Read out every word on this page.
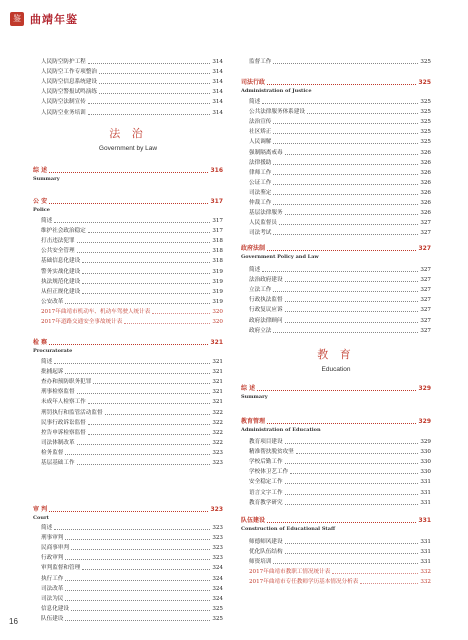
鉴 曲靖年鉴
人民防空防护工程	314
人民防空工作专项整治	314
人民防空信息系统建设	314
人民防空警报试鸣演练	314
人民防空法制宣传	314
人民防空业务培训	314
法 治
Government by Law
综 述	316
Summary
公 安	317
Police
简述	317
维护社会政治稳定	317
打击违法犯罪	318
公共安全管理	318
基础信息化建设	318
警务实战化建设	319
执法规范化建设	319
从但正规化建设	319
公安改革	319
2017年曲靖市机动车、机动车驾驶人统计表	320
2017年道路交通安全事故统计表	320
检 察	321
Procuratorate
简述	321
批捕起诉	321
查办和预防职务犯罪	321
刑事检察监督	321
未成年人检察工作	321
刑罚执行和监管活动监督	322
民事行政诉讼监督	322
控告申诉检察监督	322
司法体制改革	322
检务监督	323
基层基础工作	323
审 判	323
Court
简述	323
刑事审判	323
民商事审判	323
行政审判	323
审判监督和管理	324
执行工作	324
司法改革	324
司法为民	324
信息化建设	325
队伍建设	325
监督工作	325
司法行政	325
Administration of Justice
简述	325
公共法律服务体系建设	325
法治宣传	325
社区矫正	325
人民调解	325
强制隔离戒毒	326
法律援助	326
律师工作	326
公证工作	326
司法鉴定	326
仲裁工作	326
基层法律服务	326
人民监督员	327
司法考试	327
政府法制	327
Government Policy and Law
简述	327
法治政府建设	327
立法工作	327
行政执法监督	327
行政复议应诉	327
政府法律顾问	327
政府立法	327
教 育
Education
综 述	329
Summary
教育管理	329
Administration of Education
教育项目建设	329
精准帮扶脱贫攻坚	330
学校后勤工作	330
学校体卫艺工作	330
安全稳定工作	331
语言文字工作	331
教育教学研究	331
队伍建设	331
Construction of Educational Staff
师德师风建设	331
优化队伍结构	331
师资培训	331
2017年曲靖市教职工情况统计表	332
2017年曲靖市专任教师学历基本情况分析表	332
16
